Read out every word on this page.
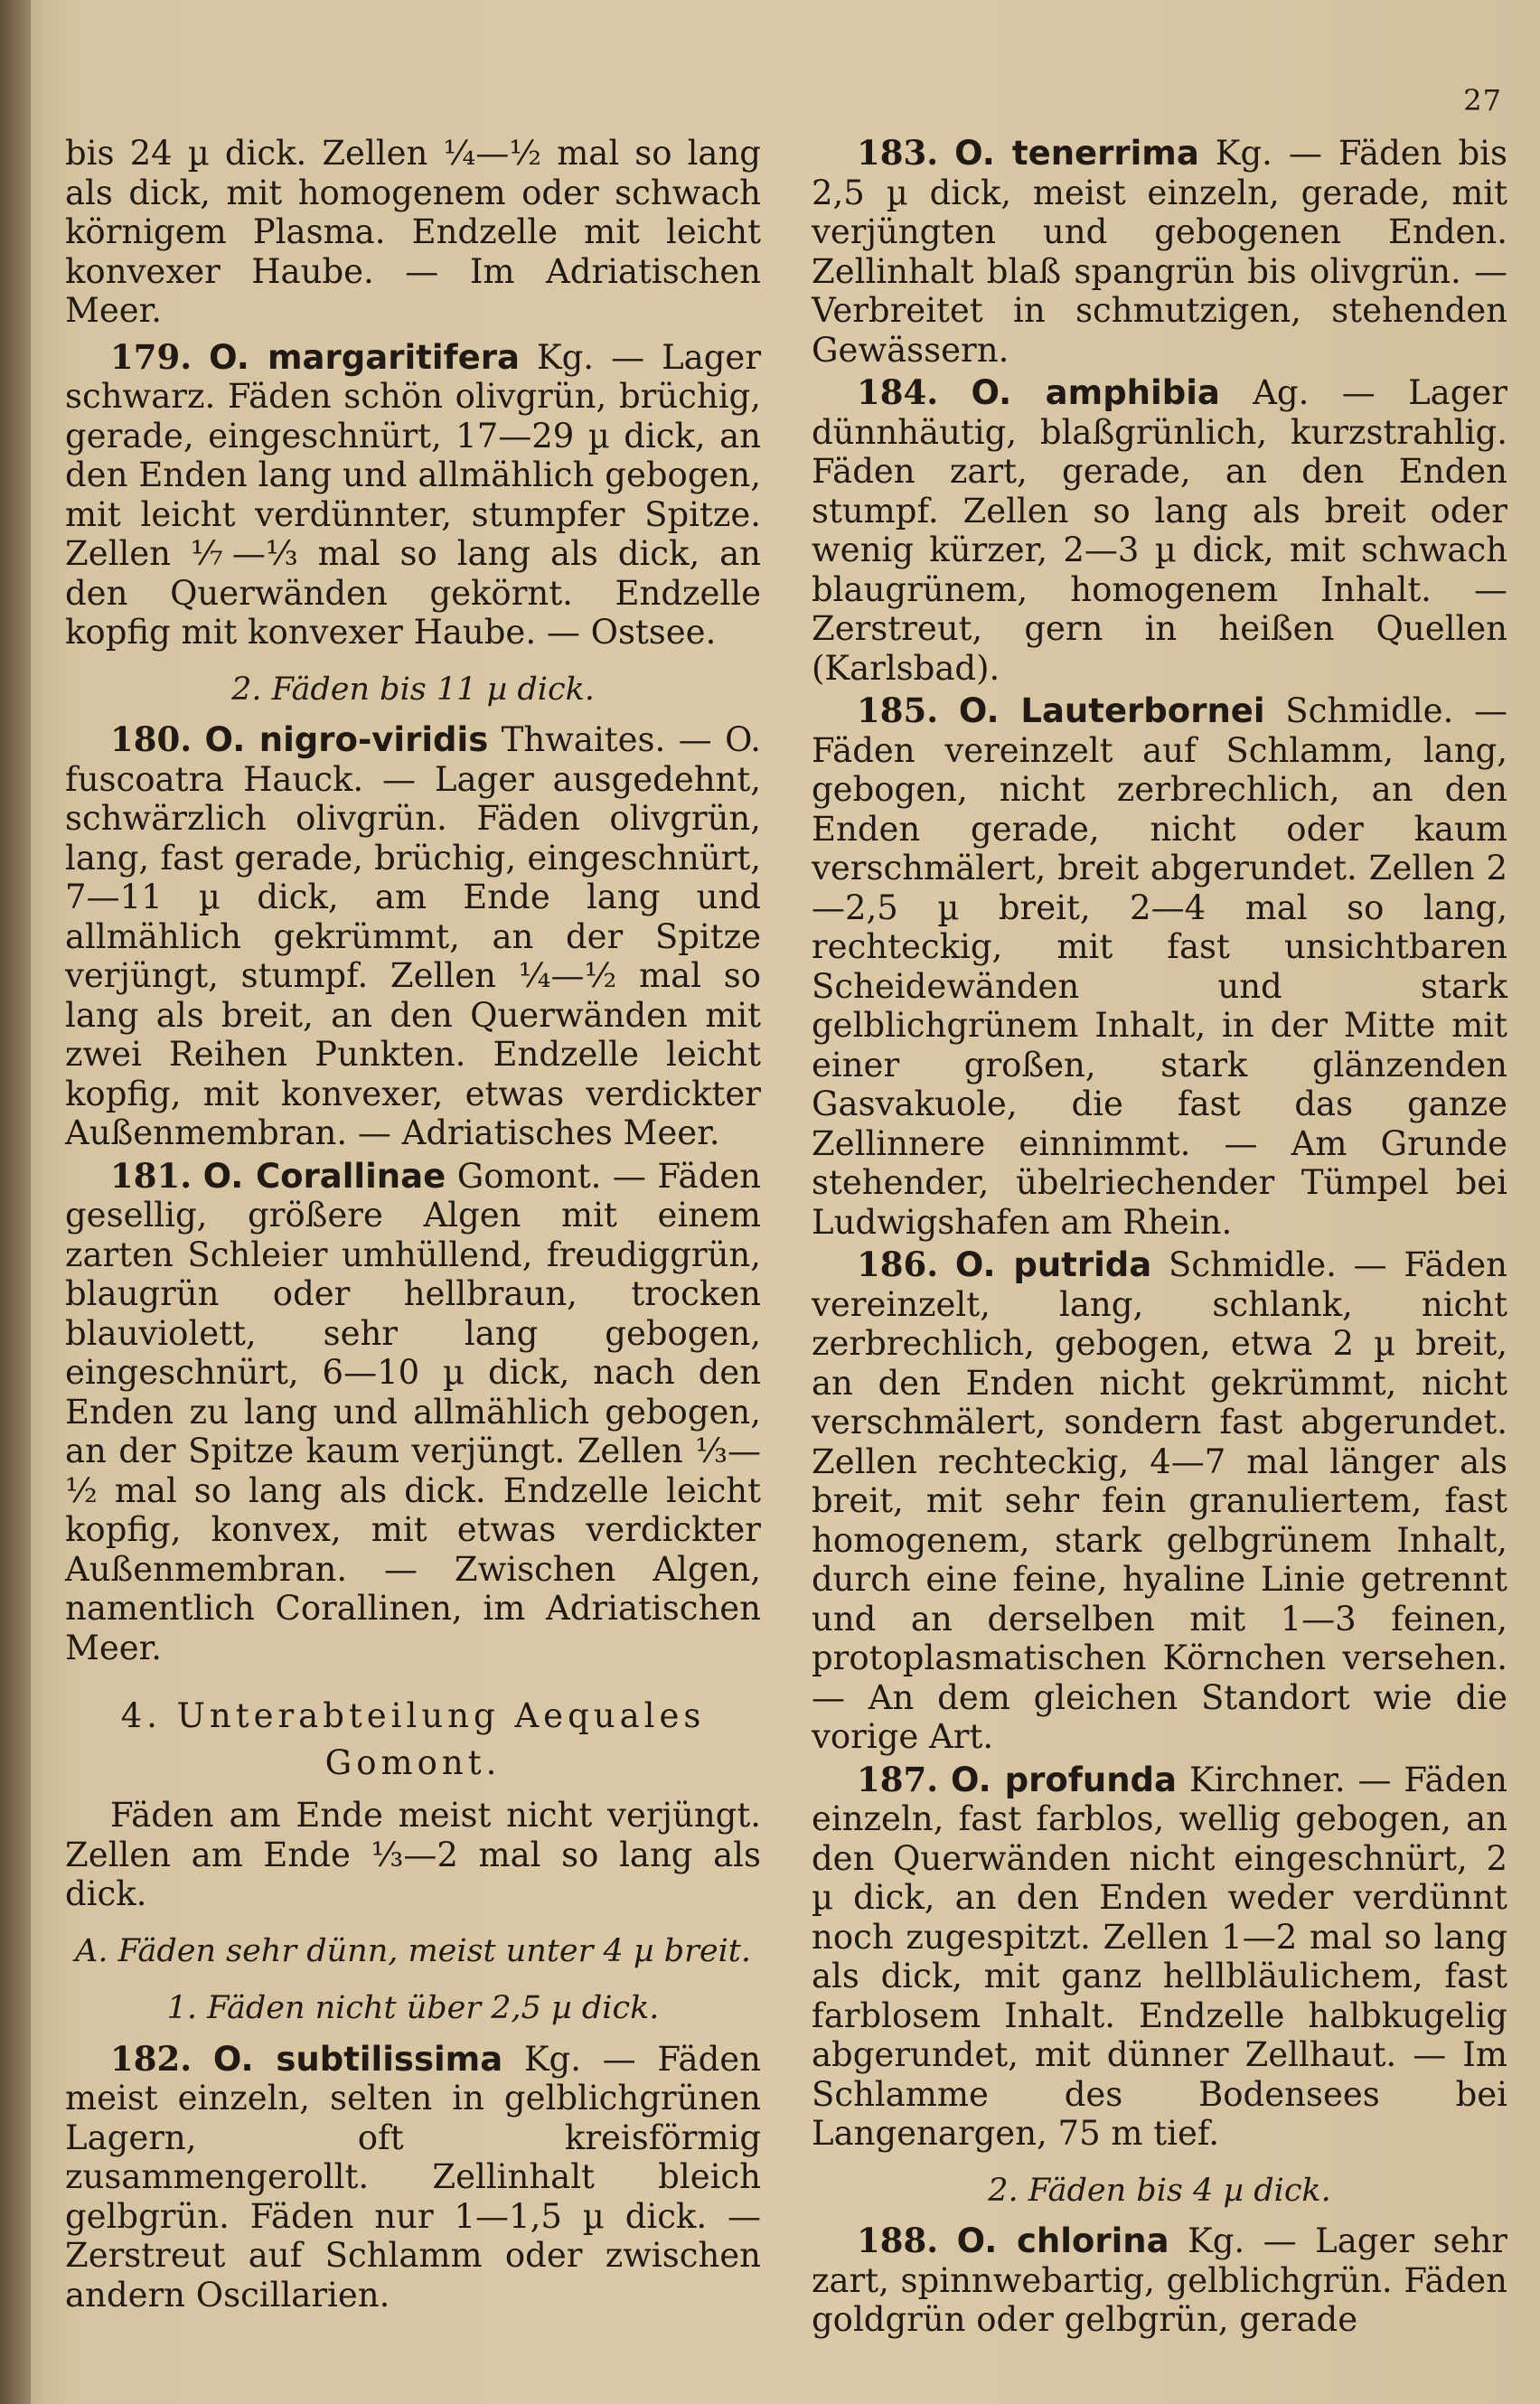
27

bis 24 µ dick. Zellen ¼—½ mal so lang als dick, mit homogenem oder schwach körnigem Plasma. Endzelle mit leicht konvexer Haube. — Im Adriatischen Meer.

179. O. margaritifera Kg. — Lager schwarz. Fäden schön olivgrün, brüchig, gerade, eingeschnürt, 17—29 µ dick, an den Enden lang und allmählich gebogen, mit leicht verdünnter, stumpfer Spitze. Zellen ⅐—⅓ mal so lang als dick, an den Querwänden gekörnt. Endzelle kopfig mit konvexer Haube. — Ostsee.

2. Fäden bis 11 µ dick.

180. O. nigro-viridis Thwaites. — O. fuscoatra Hauck. — Lager ausgedehnt, schwärzlich olivgrün. Fäden olivgrün, lang, fast gerade, brüchig, eingeschnürt, 7—11 µ dick, am Ende lang und allmählich gekrümmt, an der Spitze verjüngt, stumpf. Zellen ¼—½ mal so lang als breit, an den Querwänden mit zwei Reihen Punkten. Endzelle leicht kopfig, mit konvexer, etwas verdickter Außenmembran. — Adriatisches Meer.

181. O. Corallinae Gomont. — Fäden gesellig, größere Algen mit einem zarten Schleier umhüllend, freudiggrün, blaugrün oder hellbraun, trocken blauviolett, sehr lang gebogen, eingeschnürt, 6—10 µ dick, nach den Enden zu lang und allmählich gebogen, an der Spitze kaum verjüngt. Zellen ⅓—½ mal so lang als dick. Endzelle leicht kopfig, konvex, mit etwas verdickter Außenmembran. — Zwischen Algen, namentlich Corallinen, im Adriatischen Meer.

4. Unterabteilung Aequales Gomont.

Fäden am Ende meist nicht verjüngt. Zellen am Ende ⅓—2 mal so lang als dick.

A. Fäden sehr dünn, meist unter 4 µ breit.

1. Fäden nicht über 2,5 µ dick.

182. O. subtilissima Kg. — Fäden meist einzeln, selten in gelblichgrünen Lagern, oft kreisförmig zusammengerollt. Zellinhalt bleich gelbgrün. Fäden nur 1—1,5 µ dick. — Zerstreut auf Schlamm oder zwischen andern Oscillarien.

183. O. tenerrima Kg. — Fäden bis 2,5 µ dick, meist einzeln, gerade, mit verjüngten und gebogenen Enden. Zellinhalt blaß spangrün bis olivgrün. — Verbreitet in schmutzigen, stehenden Gewässern.

184. O. amphibia Ag. — Lager dünnhäutig, blaßgrünlich, kurzstrahlig. Fäden zart, gerade, an den Enden stumpf. Zellen so lang als breit oder wenig kürzer, 2—3 µ dick, mit schwach blaugrünem, homogenem Inhalt. — Zerstreut, gern in heißen Quellen (Karlsbad).

185. O. Lauterbornei Schmidle. — Fäden vereinzelt auf Schlamm, lang, gebogen, nicht zerbrechlich, an den Enden gerade, nicht oder kaum verschmälert, breit abgerundet. Zellen 2—2,5 µ breit, 2—4 mal so lang, rechteckig, mit fast unsichtbaren Scheidewänden und stark gelblichgrünem Inhalt, in der Mitte mit einer großen, stark glänzenden Gasvakuole, die fast das ganze Zellinnere einnimmt. — Am Grunde stehender, übelriechender Tümpel bei Ludwigshafen am Rhein.

186. O. putrida Schmidle. — Fäden vereinzelt, lang, schlank, nicht zerbrechlich, gebogen, etwa 2 µ breit, an den Enden nicht gekrümmt, nicht verschmälert, sondern fast abgerundet. Zellen rechteckig, 4—7 mal länger als breit, mit sehr fein granuliertem, fast homogenem, stark gelbgrünem Inhalt, durch eine feine, hyaline Linie getrennt und an derselben mit 1—3 feinen, protoplasmatischen Körnchen versehen. — An dem gleichen Standort wie die vorige Art.

187. O. profunda Kirchner. — Fäden einzeln, fast farblos, wellig gebogen, an den Querwänden nicht eingeschnürt, 2 µ dick, an den Enden weder verdünnt noch zugespitzt. Zellen 1—2 mal so lang als dick, mit ganz hellbläulichem, fast farblosem Inhalt. Endzelle halbkugelig abgerundet, mit dünner Zellhaut. — Im Schlamme des Bodensees bei Langenargen, 75 m tief.

2. Fäden bis 4 µ dick.

188. O. chlorina Kg. — Lager sehr zart, spinnwebartig, gelblichgrün. Fäden goldgrün oder gelbgrün, gerade
